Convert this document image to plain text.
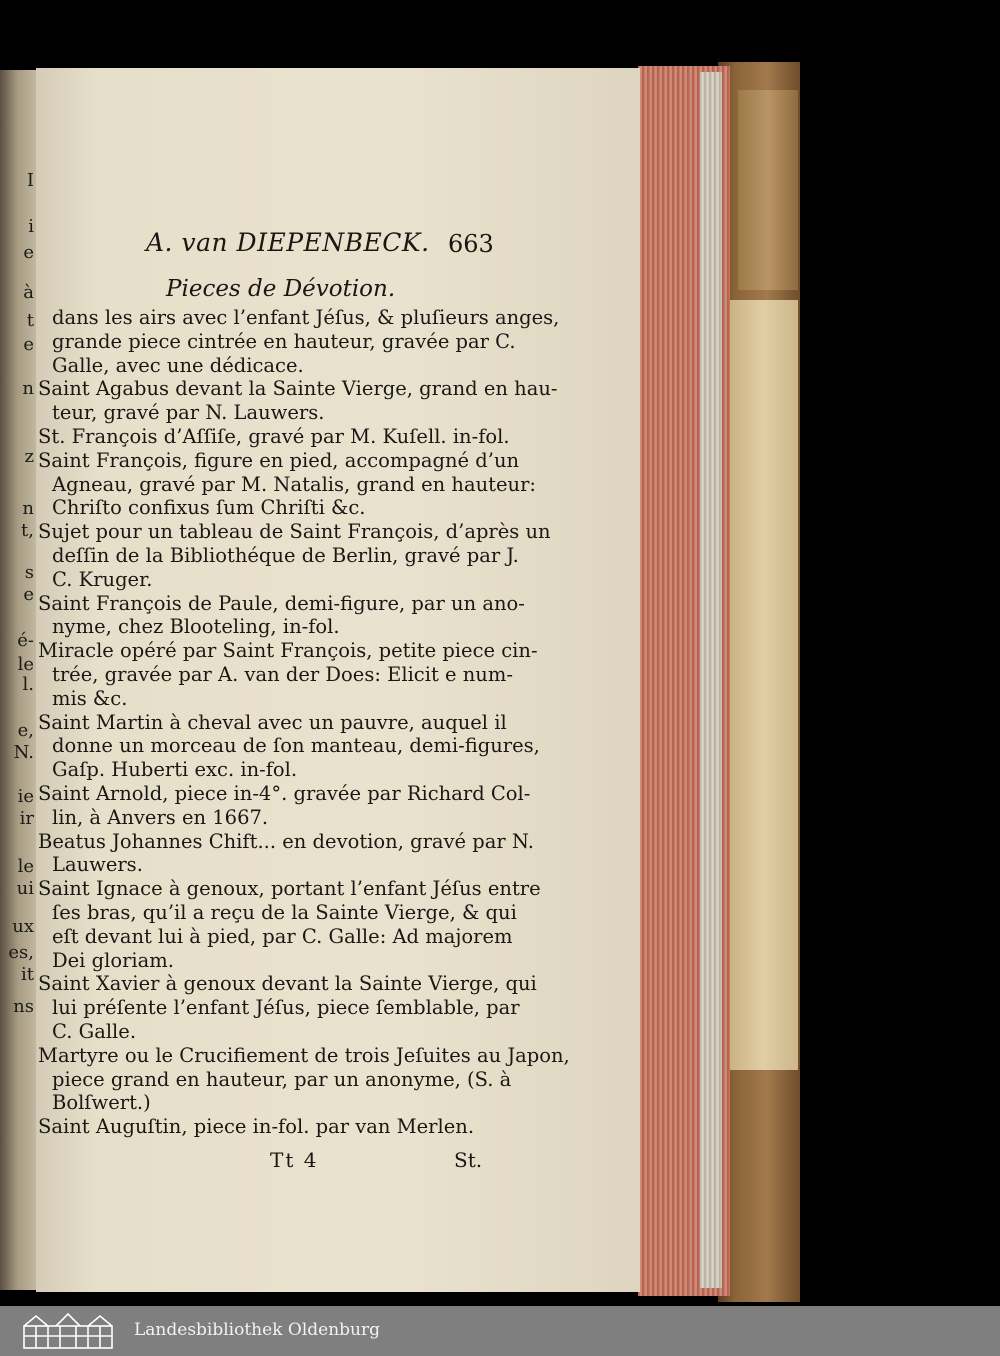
I
i
e
à
t
e
n
z
n
t,
s
e
é-
le
l.
e,
N.
ie
ir
le
ui
ux
es,
it
ns
A. van DIEPENBECK. 663
Pieces de Dévotion.
dans les airs avec l’enfant Jéſus, & pluſieurs anges,
grande piece cintrée en hauteur, gravée par C.
Galle, avec une dédicace.
Saint Agabus devant la Sainte Vierge, grand en hau-
teur, gravé par N. Lauwers.
St. François d’Aſſiſe, gravé par M. Kuſell. in-fol.
Saint François, figure en pied, accompagné d’un
Agneau, gravé par M. Natalis, grand en hauteur:
Chriſto confixus ſum Chriſti &c.
Sujet pour un tableau de Saint François, d’après un
deſſin de la Bibliothéque de Berlin, gravé par J.
C. Kruger.
Saint François de Paule, demi-figure, par un ano-
nyme, chez Blooteling, in-fol.
Miracle opéré par Saint François, petite piece cin-
trée, gravée par A. van der Does: Elicit e num-
mis &c.
Saint Martin à cheval avec un pauvre, auquel il
donne un morceau de ſon manteau, demi-figures,
Gaſp. Huberti exc. in-fol.
Saint Arnold, piece in-4°. gravée par Richard Col-
lin, à Anvers en 1667.
Beatus Johannes Chift... en devotion, gravé par N.
Lauwers.
Saint Ignace à genoux, portant l’enfant Jéſus entre
ſes bras, qu’il a reçu de la Sainte Vierge, & qui
eſt devant lui à pied, par C. Galle: Ad majorem
Dei gloriam.
Saint Xavier à genoux devant la Sainte Vierge, qui
lui préſente l’enfant Jéſus, piece ſemblable, par
C. Galle.
Martyre ou le Crucifiement de trois Jeſuites au Japon,
piece grand en hauteur, par un anonyme, (S. à
Bolſwert.)
Saint Auguſtin, piece in-fol. par van Merlen.
Tt 4	St.
Landesbibliothek Oldenburg
